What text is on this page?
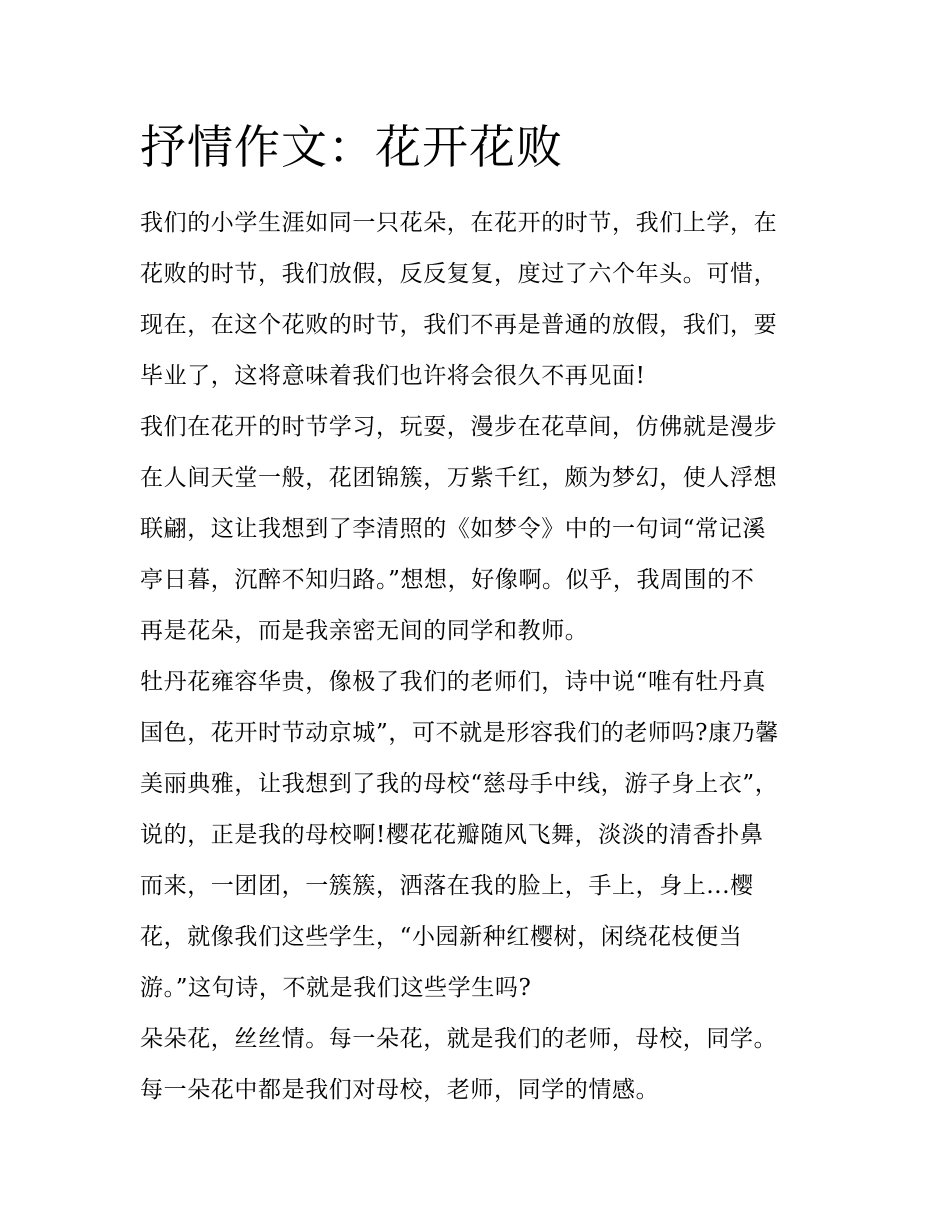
抒情作文：花开花败
我们的小学生涯如同一只花朵，在花开的时节，我们上学，在
花败的时节，我们放假，反反复复，度过了六个年头。可惜，
现在，在这个花败的时节，我们不再是普通的放假，我们，要
毕业了，这将意味着我们也许将会很久不再见面!
我们在花开的时节学习，玩耍，漫步在花草间，仿佛就是漫步
在人间天堂一般，花团锦簇，万紫千红，颇为梦幻，使人浮想
联翩，这让我想到了李清照的《如梦令》中的一句词“常记溪
亭日暮，沉醉不知归路。”想想，好像啊。似乎，我周围的不
再是花朵，而是我亲密无间的同学和教师。
牡丹花雍容华贵，像极了我们的老师们，诗中说“唯有牡丹真
国色，花开时节动京城”，可不就是形容我们的老师吗?康乃馨
美丽典雅，让我想到了我的母校“慈母手中线，游子身上衣”，
说的，正是我的母校啊!樱花花瓣随风飞舞，淡淡的清香扑鼻
而来，一团团，一簇簇，洒落在我的脸上，手上，身上...樱
花，就像我们这些学生，“小园新种红樱树，闲绕花枝便当
游。”这句诗，不就是我们这些学生吗?
朵朵花，丝丝情。每一朵花，就是我们的老师，母校，同学。
每一朵花中都是我们对母校，老师，同学的情感。
